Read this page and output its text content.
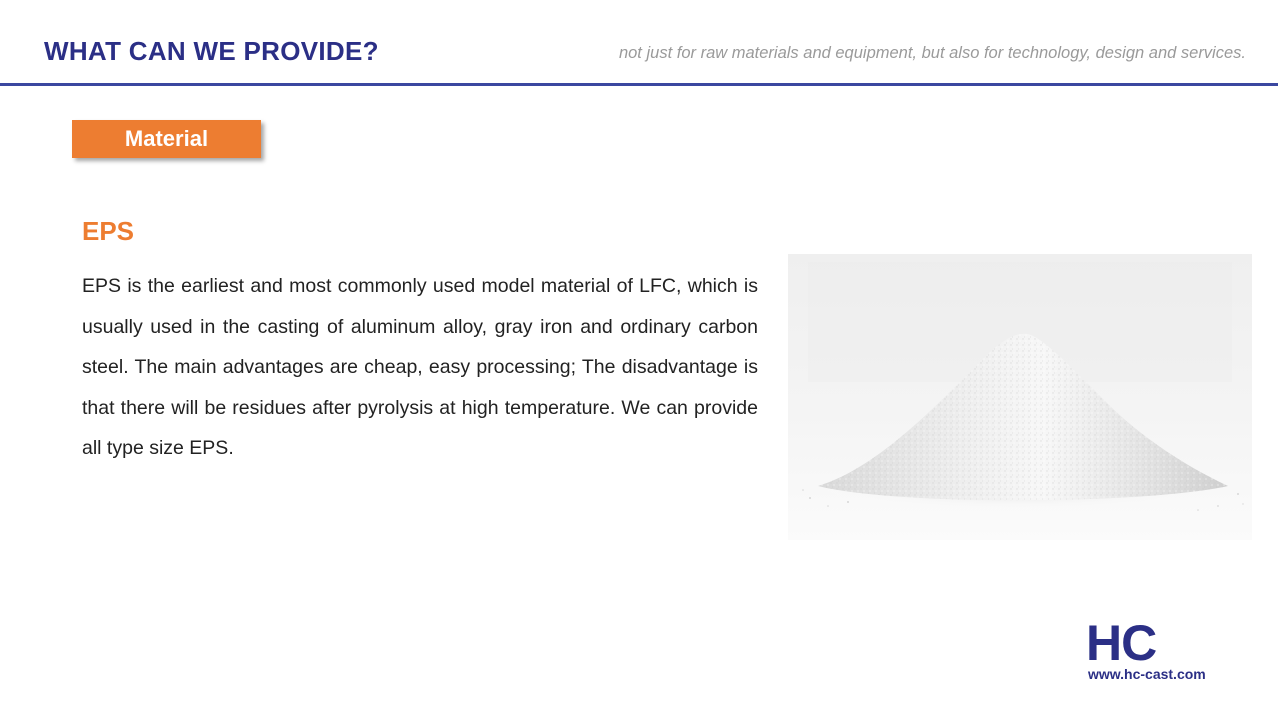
WHAT CAN WE PROVIDE?	not just for raw materials and equipment, but also for technology, design and services.
Material
EPS

EPS is the earliest and most commonly used model material of LFC, which is usually used in the casting of aluminum alloy, gray iron and ordinary carbon steel. The main advantages are cheap, easy processing; The disadvantage is that there will be residues after pyrolysis at high temperature. We can provide all type size EPS.

HC
www.hc-cast.com
